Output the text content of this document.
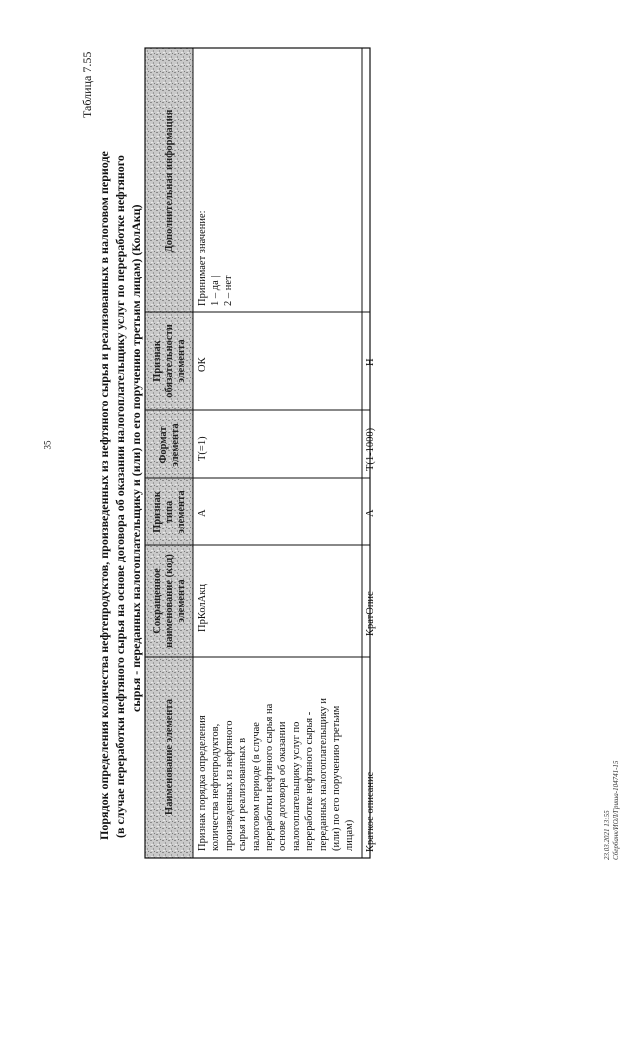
35
Таблица 7.55
Порядок определения количества нефтепродуктов, произведенных из нефтяного сырья и реализованных в налоговом периоде (в случае переработки нефтяного сырья на основе договора об оказании налогоплательщику услуг по переработке нефтяного сырья - переданных налогоплательщику и (или) по его поручению третьим лицам) (КолАкц)
Наименование элемента
Сокращенное наименование (код) элемента
Признак типа элемента
Формат элемента
Признак обязательности элемента
Дополнительная информация
Признак порядка определения количества нефтепродуктов, произведенных из нефтяного сырья и реализованных в налоговом периоде (в случае переработки нефтяного сырья на основе договора об оказании налогоплательщику услуг по переработке нефтяного сырья - переданных налогоплательщику и (или) по его поручению третьим лицам)
ПрКолАкц
А
Т(=1)
ОК
Принимает значение: 1 – да | 2 – нет
Краткое описание
КратОпис
А
Т(1-1000)
Н
23.03.2021 13:55 Сбербанк/ИОЛ/Гриша-104741-15
